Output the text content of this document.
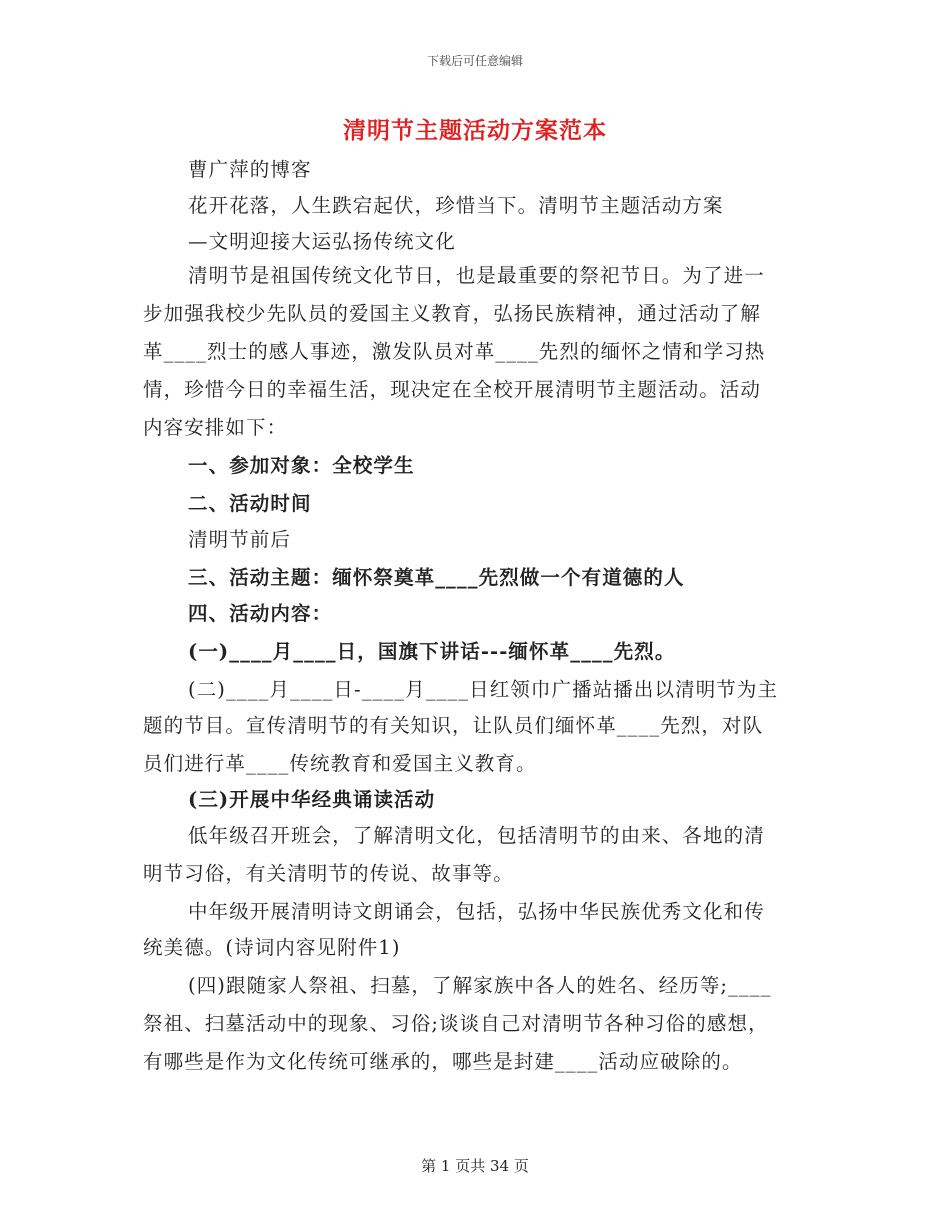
下载后可任意编辑
清明节主题活动方案范本
曹广萍的博客
花开花落，人生跌宕起伏，珍惜当下。清明节主题活动方案
—文明迎接大运弘扬传统文化
清明节是祖国传统文化节日，也是最重要的祭祀节日。为了进一
步加强我校少先队员的爱国主义教育，弘扬民族精神，通过活动了解
革____烈士的感人事迹，激发队员对革____先烈的缅怀之情和学习热
情，珍惜今日的幸福生活，现决定在全校开展清明节主题活动。活动
内容安排如下：
一、参加对象：全校学生
二、活动时间
清明节前后
三、活动主题：缅怀祭奠革____先烈做一个有道德的人
四、活动内容：
(一)____月____日，国旗下讲话---缅怀革____先烈。
(二)____月____日-____月____日红领巾广播站播出以清明节为主
题的节目。宣传清明节的有关知识，让队员们缅怀革____先烈，对队
员们进行革____传统教育和爱国主义教育。
(三)开展中华经典诵读活动
低年级召开班会，了解清明文化，包括清明节的由来、各地的清
明节习俗，有关清明节的传说、故事等。
中年级开展清明诗文朗诵会，包括，弘扬中华民族优秀文化和传
统美德。(诗词内容见附件1)
(四)跟随家人祭祖、扫墓，了解家族中各人的姓名、经历等;____
祭祖、扫墓活动中的现象、习俗;谈谈自己对清明节各种习俗的感想，
有哪些是作为文化传统可继承的，哪些是封建____活动应破除的。
第 1 页共 34 页
